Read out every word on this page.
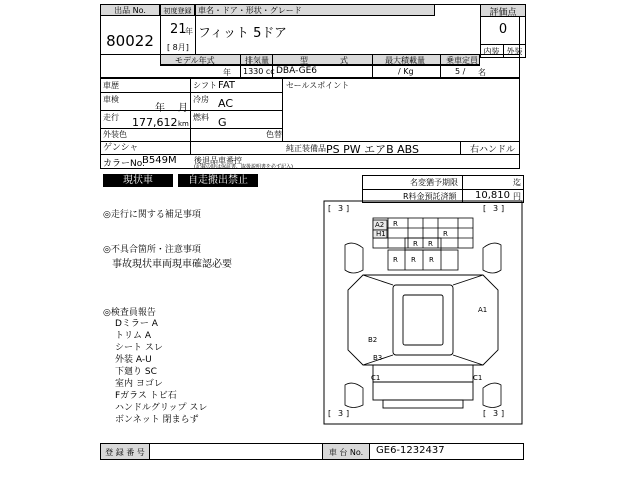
出品 No.
80022
初度登録
21
年
[ 8月]
車名・ドア・形状・グレード
フィット 5ドア
評価点
0
内装 外装
モデル年式
年
排気量
1330 cc
型　　　　式
DBA-GE6
最大積載量
/ Kg
乗車定員
5 / 名
車歴	シフト FAT
車検
年 月
冷房 AC
走行 177,612 km
燃料 G
セールスポイント
外装色
ゲンシャ
色替
純正装備品 PS PW エアB ABS	右ハンドル
カラーNo.
B549M 後退品車番控
(記載の時は保証書、取扱説明書を必ず記入)
現状車	自走搬出禁止	名変猶予期限	迄
R料金預託済額 10,810 円
◎走行に関する補足事項
◎不具合箇所・注意事項
事故現状車両現車確認必要
◎検査員報告
Dミラー A
トリム A
シート スレ
外装 A-U
下廻り SC
室内 ヨゴレ
Fガラス トビ石
ハンドルグリップ スレ
ボンネット 閉まらず
[ 3 ]	[ 3 ]
[ 3 ]	[ 3 ]
A2
H1
R
R R
R
R R R
A1
B2
B3
C1	C1
登 録 番 号	車 台 No.	GE6-1232437
